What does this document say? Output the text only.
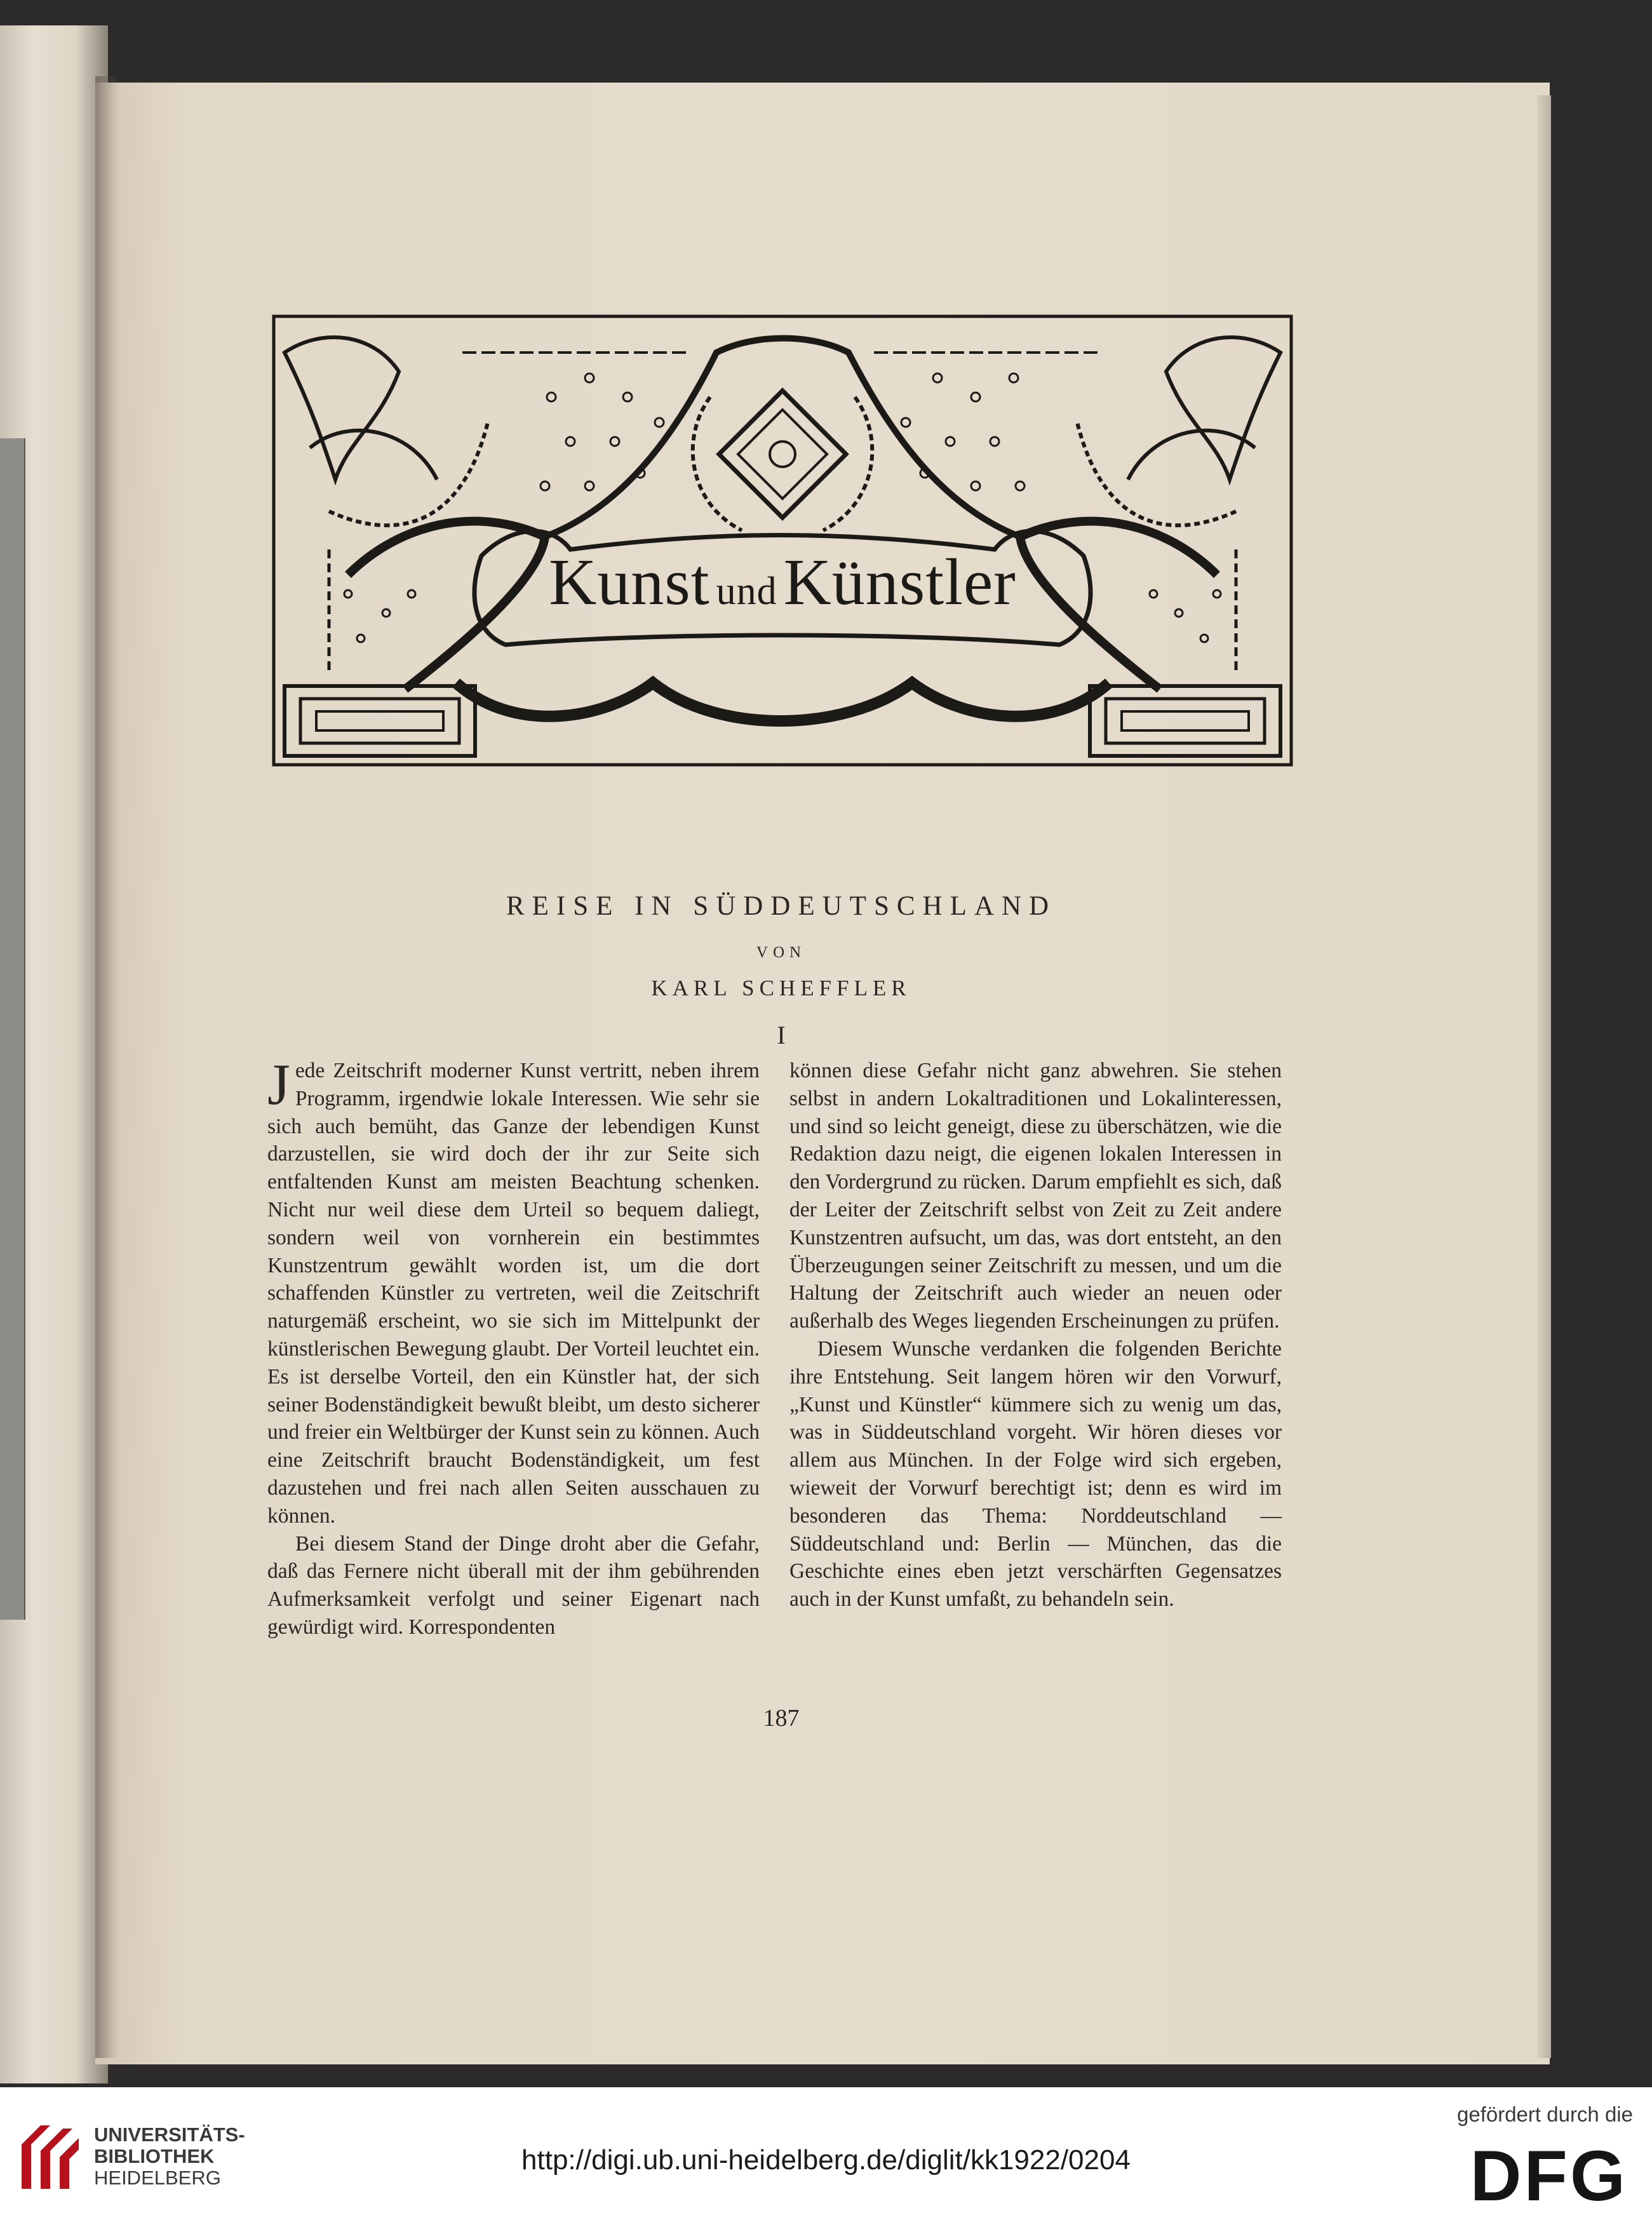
Kunst undKünstler
REISE IN SÜDDEUTSCHLAND
VON
KARL SCHEFFLER
I

Jede Zeitschrift moderner Kunst vertritt, neben ihrem Programm, irgendwie lokale Interessen. Wie sehr sie sich auch bemüht, das Ganze der lebendigen Kunst darzustellen, sie wird doch der ihr zur Seite sich entfaltenden Kunst am meisten Beachtung schenken. Nicht nur weil diese dem Urteil so bequem daliegt, sondern weil von vornherein ein bestimmtes Kunstzentrum gewählt worden ist, um die dort schaffenden Künstler zu vertreten, weil die Zeitschrift naturgemäß erscheint, wo sie sich im Mittelpunkt der künstlerischen Bewegung glaubt. Der Vorteil leuchtet ein. Es ist derselbe Vorteil, den ein Künstler hat, der sich seiner Bodenständigkeit bewußt bleibt, um desto sicherer und freier ein Weltbürger der Kunst sein zu können. Auch eine Zeitschrift braucht Bodenständigkeit, um fest dazustehen und frei nach allen Seiten ausschauen zu können.

Bei diesem Stand der Dinge droht aber die Gefahr, daß das Fernere nicht überall mit der ihm gebührenden Aufmerksamkeit verfolgt und seiner Eigenart nach gewürdigt wird. Korrespondenten

können diese Gefahr nicht ganz abwehren. Sie stehen selbst in andern Lokaltraditionen und Lokalinteressen, und sind so leicht geneigt, diese zu überschätzen, wie die Redaktion dazu neigt, die eigenen lokalen Interessen in den Vordergrund zu rücken. Darum empfiehlt es sich, daß der Leiter der Zeitschrift selbst von Zeit zu Zeit andere Kunstzentren aufsucht, um das, was dort entsteht, an den Überzeugungen seiner Zeitschrift zu messen, und um die Haltung der Zeitschrift auch wieder an neuen oder außerhalb des Weges liegenden Erscheinungen zu prüfen.

Diesem Wunsche verdanken die folgenden Berichte ihre Entstehung. Seit langem hören wir den Vorwurf, „Kunst und Künstler“ kümmere sich zu wenig um das, was in Süddeutschland vorgeht. Wir hören dieses vor allem aus München. In der Folge wird sich ergeben, wieweit der Vorwurf berechtigt ist; denn es wird im besonderen das Thema: Norddeutschland — Süddeutschland und: Berlin — München, das die Geschichte eines eben jetzt verschärften Gegensatzes auch in der Kunst umfaßt, zu behandeln sein.

187
UNIVERSITÄTS-
BIBLIOTHEK
HEIDELBERG
http://digi.ub.uni-heidelberg.de/diglit/kk1922/0204
gefördert durch die
DFG
